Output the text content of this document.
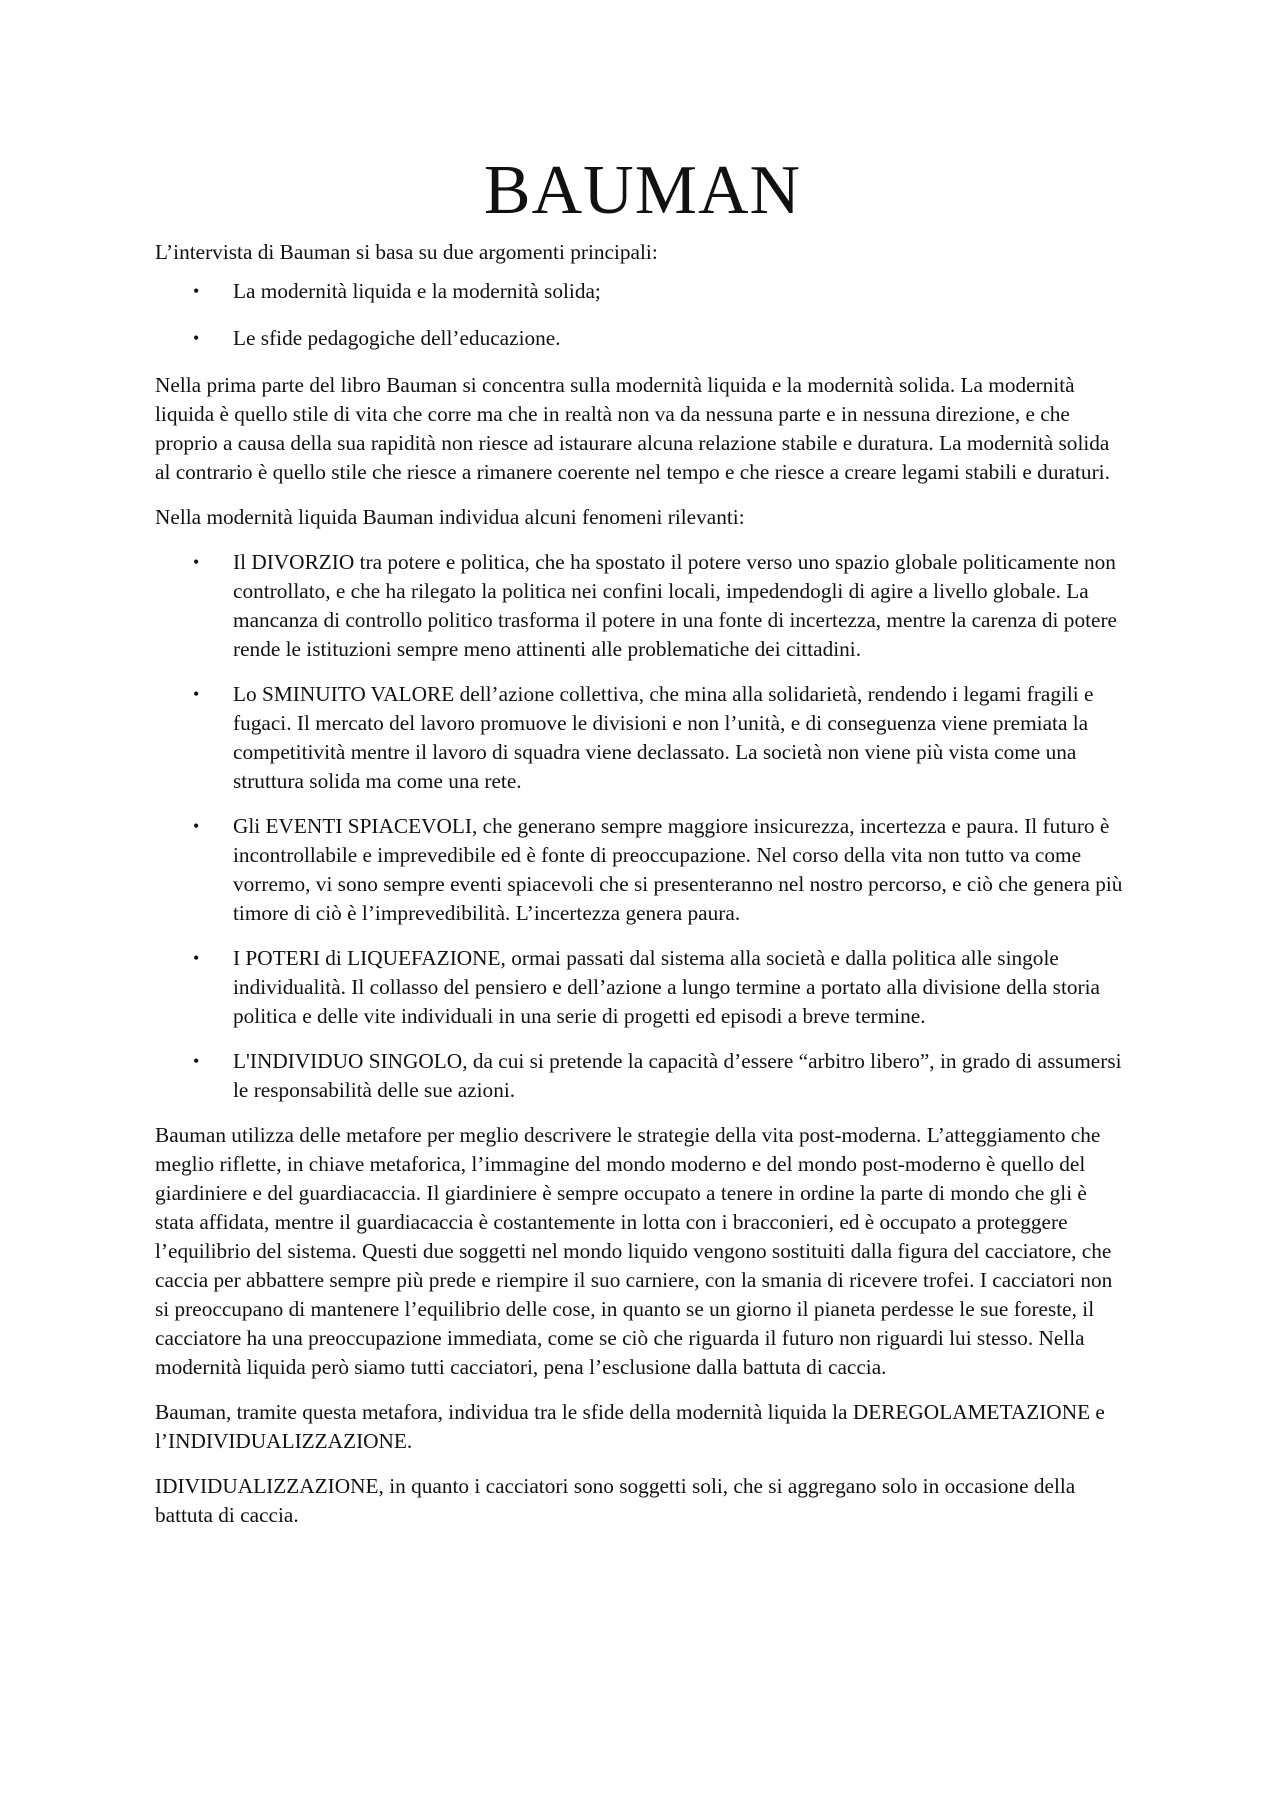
BAUMAN

L’intervista di Bauman si basa su due argomenti principali:

• La modernità liquida e la modernità solida;
• Le sfide pedagogiche dell’educazione.

Nella prima parte del libro Bauman si concentra sulla modernità liquida e la modernità solida. La modernità liquida è quello stile di vita che corre ma che in realtà non va da nessuna parte e in nessuna direzione, e che proprio a causa della sua rapidità non riesce ad istaurare alcuna relazione stabile e duratura. La modernità solida al contrario è quello stile che riesce a rimanere coerente nel tempo e che riesce a creare legami stabili e duraturi.

Nella modernità liquida Bauman individua alcuni fenomeni rilevanti:

• Il DIVORZIO tra potere e politica, che ha spostato il potere verso uno spazio globale politicamente non controllato, e che ha rilegato la politica nei confini locali, impedendogli di agire a livello globale. La mancanza di controllo politico trasforma il potere in una fonte di incertezza, mentre la carenza di potere rende le istituzioni sempre meno attinenti alle problematiche dei cittadini.
• Lo SMINUITO VALORE dell’azione collettiva, che mina alla solidarietà, rendendo i legami fragili e fugaci. Il mercato del lavoro promuove le divisioni e non l’unità, e di conseguenza viene premiata la competitività mentre il lavoro di squadra viene declassato. La società non viene più vista come una struttura solida ma come una rete.
• Gli EVENTI SPIACEVOLI, che generano sempre maggiore insicurezza, incertezza e paura. Il futuro è incontrollabile e imprevedibile ed è fonte di preoccupazione. Nel corso della vita non tutto va come vorremo, vi sono sempre eventi spiacevoli che si presenteranno nel nostro percorso, e ciò che genera più timore di ciò è l’imprevedibilità. L’incertezza genera paura.
• I POTERI di LIQUEFAZIONE, ormai passati dal sistema alla società e dalla politica alle singole individualità. Il collasso del pensiero e dell’azione a lungo termine a portato alla divisione della storia politica e delle vite individuali in una serie di progetti ed episodi a breve termine.
• L'INDIVIDUO SINGOLO, da cui si pretende la capacità d’essere “arbitro libero”, in grado di assumersi le responsabilità delle sue azioni.

Bauman utilizza delle metafore per meglio descrivere le strategie della vita post-moderna. L’atteggiamento che meglio riflette, in chiave metaforica, l’immagine del mondo moderno e del mondo post-moderno è quello del giardiniere e del guardiacaccia. Il giardiniere è sempre occupato a tenere in ordine la parte di mondo che gli è stata affidata, mentre il guardiacaccia è costantemente in lotta con i bracconieri, ed è occupato a proteggere l’equilibrio del sistema. Questi due soggetti nel mondo liquido vengono sostituiti dalla figura del cacciatore, che caccia per abbattere sempre più prede e riempire il suo carniere, con la smania di ricevere trofei. I cacciatori non si preoccupano di mantenere l’equilibrio delle cose, in quanto se un giorno il pianeta perdesse le sue foreste, il cacciatore ha una preoccupazione immediata, come se ciò che riguarda il futuro non riguardi lui stesso. Nella modernità liquida però siamo tutti cacciatori, pena l’esclusione dalla battuta di caccia.

Bauman, tramite questa metafora, individua tra le sfide della modernità liquida la DEREGOLAMETAZIONE e l’INDIVIDUALIZZAZIONE.

IDIVIDUALIZZAZIONE, in quanto i cacciatori sono soggetti soli, che si aggregano solo in occasione della battuta di caccia.
